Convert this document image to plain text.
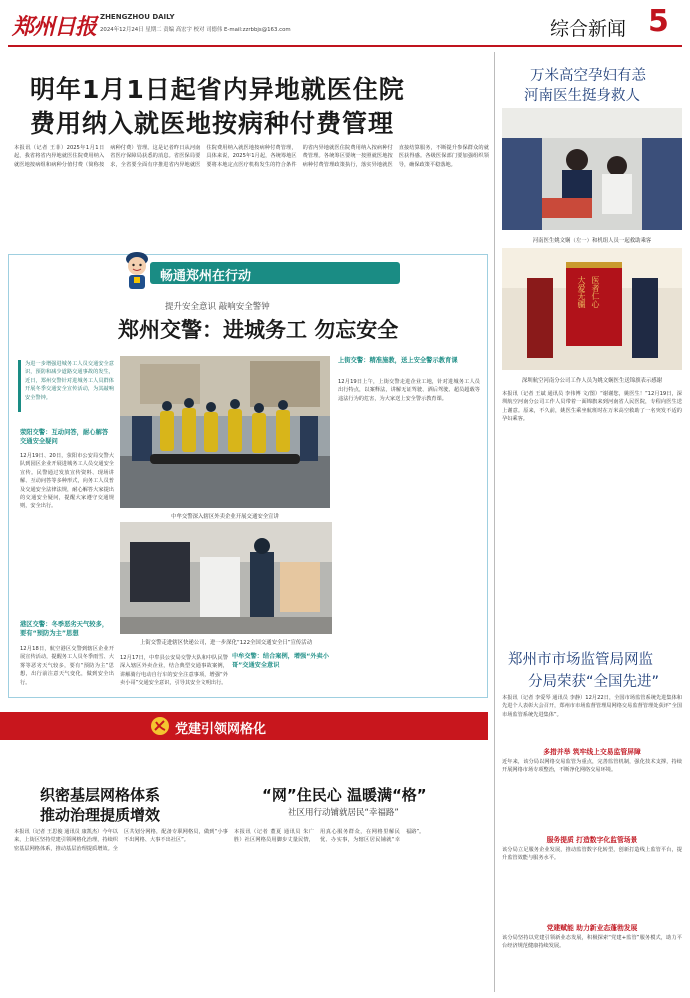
郑州日报 ZHENGZHOU DAILY
2024年12月24日 星期二 责编 高宏宇 校对 司德伟 E-mail:zzrbbjs@163.com	综合新闻 5
明年1月1日起省内异地就医住院
费用纳入就医地按病种付费管理
本报讯（记者 王菲）2025年1月1日起，我省将省内异地就医住院费用纳入就医地按病组和病种分值付费（简称按病种付费）管理。这是记者昨日从河南省医疗保障局获悉的消息。省医保局要求，全省要全面有序推进省内异地就医住院费用纳入就医地按病种付费管理，具体来说，2025年1月起，各统筹地区要将本地定点医疗机构发生的符合条件的省内异地就医住院费用纳入按病种付费管理。各统筹区要统一按照就医地按病种付费管理政策执行，落实异地就医直接结算服务，不断提升参保群众的就医获得感。各级医保部门要加强组织领导，确保政策平稳落地。
畅通郑州在行动
提升安全意识 敲响安全警钟
郑州交警：进城务工 勿忘安全
为进一步增强进城务工人员交通安全意识，预防和减少道路交通事故的发生，近日，郑州交警针对进城务工人员群体开展冬季交通安全宣传活动，为其敲响安全警钟。
荥阳交警：互动问答，耐心解答交通安全疑问
12月19日、20日，荥阳市公安局交警大队到园区企业开展进城务工人员交通安全宣传。民警通过发放宣传资料、现场讲解、互动问答等多种形式，向务工人员普及交通安全法律法规，耐心解答大家提出的交通安全疑问，提醒大家遵守交通规则，安全出行。
港区交警：冬季恶劣天气较多，要有“预防为主”思想
12月18日，航空港区交警到辖区企业开展宣传活动，提醒务工人员冬季雨雪、大雾等恶劣天气较多，要有“预防为主”思想，出行前注意天气变化，做到安全出行。
中牟交警深入辖区外卖企业开展交通安全宣讲
上街交警：精准施教，送上安全警示教育课
12月19日上午，上街交警走进企业工地，针对进城务工人员出行特点，以案释法，讲解无证驾驶、酒后驾驶、超员超载等违法行为的危害，为大家送上安全警示教育课。
上街交警走进辖区快递公司，进一步深化“122全国交通安全日”宣传活动
中牟交警：结合案例，增强“外卖小哥”交通安全意识
12月17日，中牟县公安局交警大队和中队民警深入辖区外卖企业，结合典型交通事故案例，讲解骑行电动自行车的安全注意事项，增强“外卖小哥”交通安全意识，引导其安全文明出行。
党建引领网格化
织密基层网格体系
推动治理提质增效
本报讯（记者 王思俊 通讯员 康凯杰）今年以来，上街区坚持党建引领网格化治理，持续织密基层网格体系，推动基层治理提质增效。全区共划分网格，配备专职网格员，做到“小事不出网格、大事不出社区”。
“网”住民心 温暖满“格”
社区用行动铺就居民“幸福路”
本报讯（记者 董夏 通讯员 朱广胜）社区网格员用脚步丈量民情，用真心服务群众，在网格里解民忧、办实事，为辖区居民铺就“幸福路”。
万米高空孕妇有恙
河南医生挺身救人
河南医生姚文娴（左一）和机组人员一起救助乘客
医者仁心
大爱无疆
深圳航空河南分公司工作人员为姚文娴医生送锦旗表示感谢
本报讯（记者 王斌 通讯员 李伟博 文/图）“谢谢您，姚医生！”12月19日，深圳航空河南分公司工作人员带着一面锦旗来到河南省人民医院，专程向医生送上谢意。原来，不久前，姚医生乘坐航班时在万米高空救助了一名突发不适的孕妇乘客。
郑州市市场监管局网监
分局荣获“全国先进”
本报讯（记者 李爱琴 通讯员 李静）12月22日，全国市场监管系统先进集体和先进个人表彰大会召开，郑州市市场监督管理局网络交易监督管理处获评“全国市场监管系统先进集体”。
多措并举 筑牢线上交易监管屏障
近年来，该分局以网络交易监管为重点，完善监管机制，强化技术支撑，持续开展网络市场专项整治，不断净化网络交易环境。
服务提质 打造数字化监管场景
该分局立足服务企业发展，推动监管数字化转型，创新打造线上监管平台，提升监管效能与服务水平。
党建赋能 助力新业态蓬勃发展
该分局坚持以党建引领新业态发展，积极探索“党建+监管”服务模式，助力平台经济规范健康持续发展。
